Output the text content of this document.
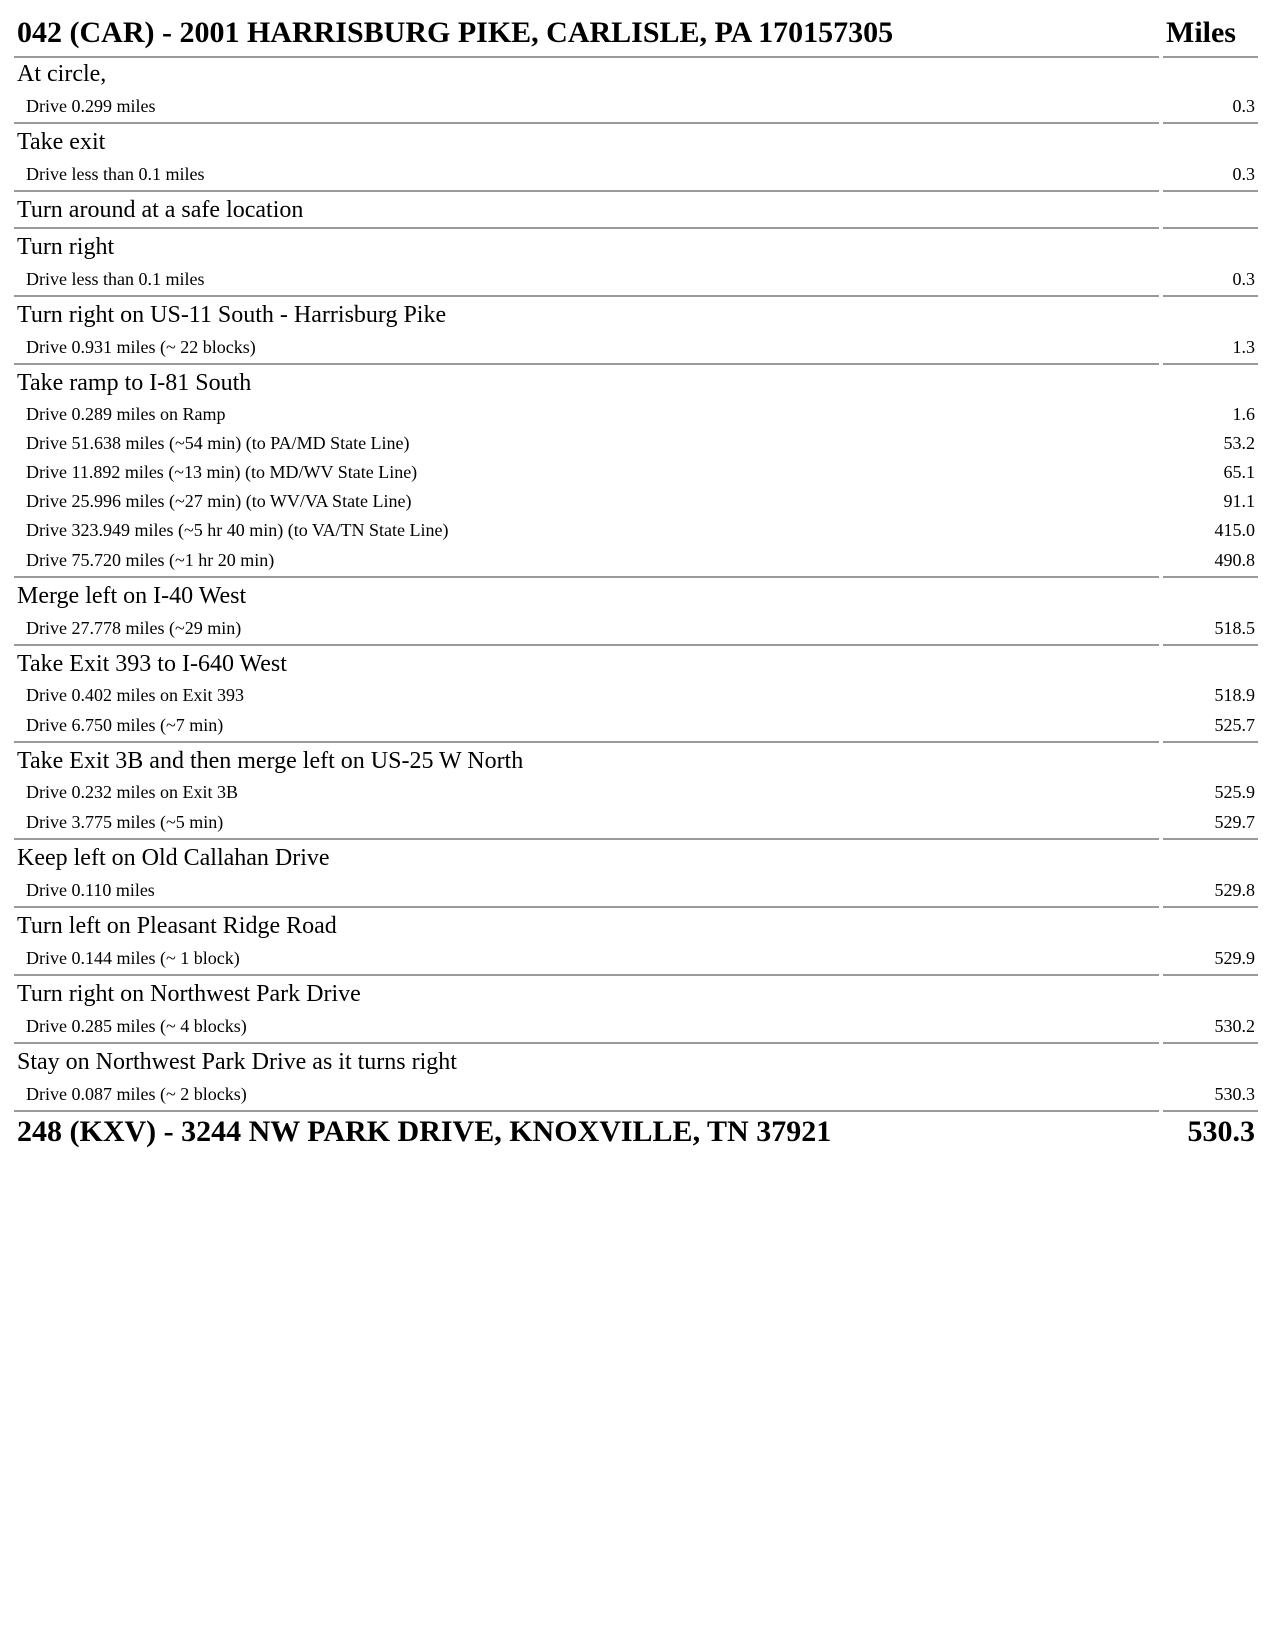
042 (CAR) - 2001 HARRISBURG PIKE, CARLISLE, PA 170157305	Miles
At circle,	
Drive 0.299 miles	0.3
Take exit	
Drive less than 0.1 miles	0.3
Turn around at a safe location	
Turn right	
Drive less than 0.1 miles	0.3
Turn right on US-11 South - Harrisburg Pike	
Drive 0.931 miles (~ 22 blocks)	1.3
Take ramp to I-81 South	
Drive 0.289 miles on Ramp	1.6
Drive 51.638 miles (~54 min) (to PA/MD State Line)	53.2
Drive 11.892 miles (~13 min) (to MD/WV State Line)	65.1
Drive 25.996 miles (~27 min) (to WV/VA State Line)	91.1
Drive 323.949 miles (~5 hr 40 min) (to VA/TN State Line)	415.0
Drive 75.720 miles (~1 hr 20 min)	490.8
Merge left on I-40 West	
Drive 27.778 miles (~29 min)	518.5
Take Exit 393 to I-640 West	
Drive 0.402 miles on Exit 393	518.9
Drive 6.750 miles (~7 min)	525.7
Take Exit 3B and then merge left on US-25 W North	
Drive 0.232 miles on Exit 3B	525.9
Drive 3.775 miles (~5 min)	529.7
Keep left on Old Callahan Drive	
Drive 0.110 miles	529.8
Turn left on Pleasant Ridge Road	
Drive 0.144 miles (~ 1 block)	529.9
Turn right on Northwest Park Drive	
Drive 0.285 miles (~ 4 blocks)	530.2
Stay on Northwest Park Drive as it turns right	
Drive 0.087 miles (~ 2 blocks)	530.3
248 (KXV) - 3244 NW PARK DRIVE, KNOXVILLE, TN 37921	530.3
